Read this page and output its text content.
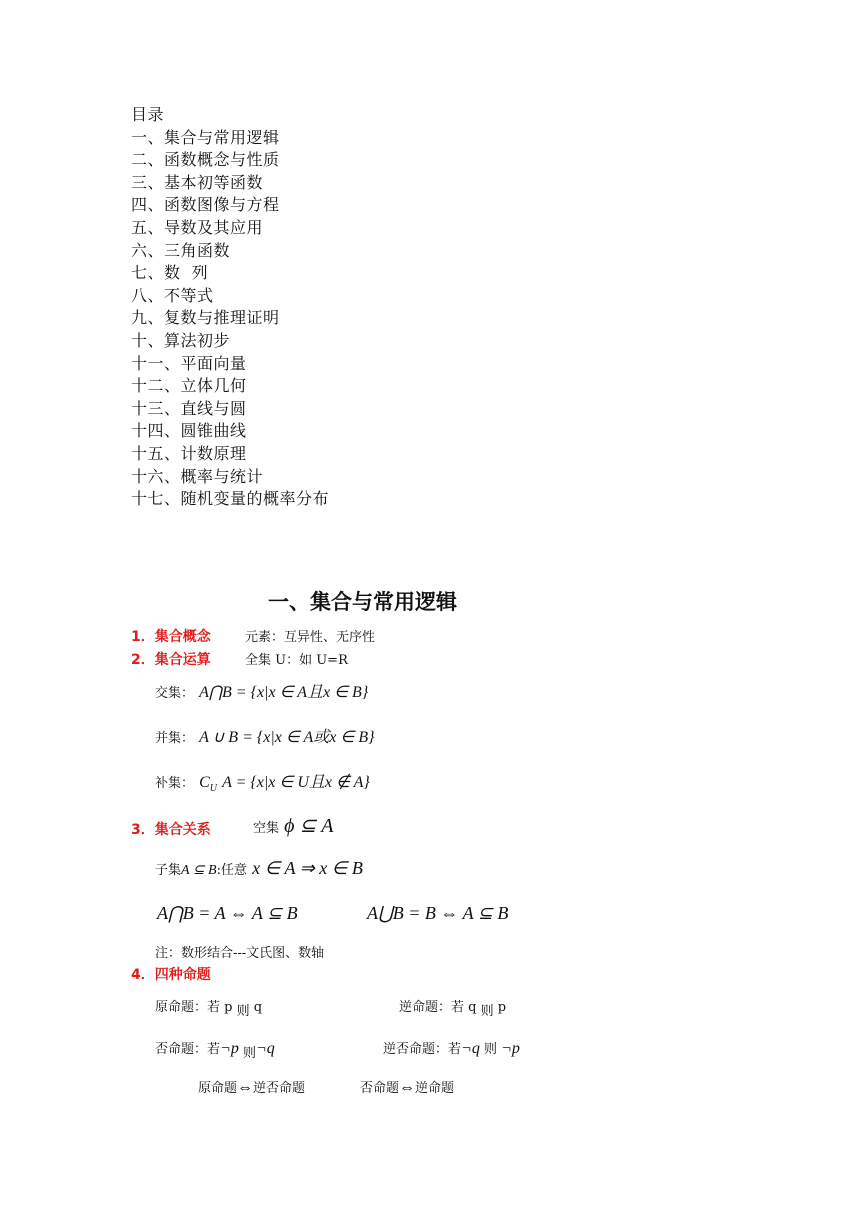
目录
一、集合与常用逻辑
二、函数概念与性质
三、基本初等函数
四、函数图像与方程
五、导数及其应用
六、三角函数
七、数  列
八、不等式
九、复数与推理证明
十、算法初步
十一、平面向量
十二、立体几何
十三、直线与圆
十四、圆锥曲线
十五、计数原理
十六、概率与统计
十七、随机变量的概率分布
一、集合与常用逻辑
1．集合概念	元素：互异性、无序性
2．集合运算	全集 U：如 U=R
交集： A⋂B = {x|x ∈ A且x ∈ B}
并集： A ∪ B = {x|x ∈ A或x ∈ B}
补集： $C_U$ A = {x|x ∈ U且x ∉ A}
3．集合关系	空集 ϕ ⊆ A
子集A ⊆ B:任意 x ∈ A ⇒ x ∈ B
A⋂B = A ⇔ A ⊆ B	A⋃B = B ⇔ A ⊆ B
注：数形结合---文氏图、数轴
4．四种命题
原命题：若 p 则 q	逆命题：若 q 则 p
否命题：若¬p 则¬q	逆否命题：若¬q 则 ¬p
原命题⇔逆否命题	否命题⇔逆命题
